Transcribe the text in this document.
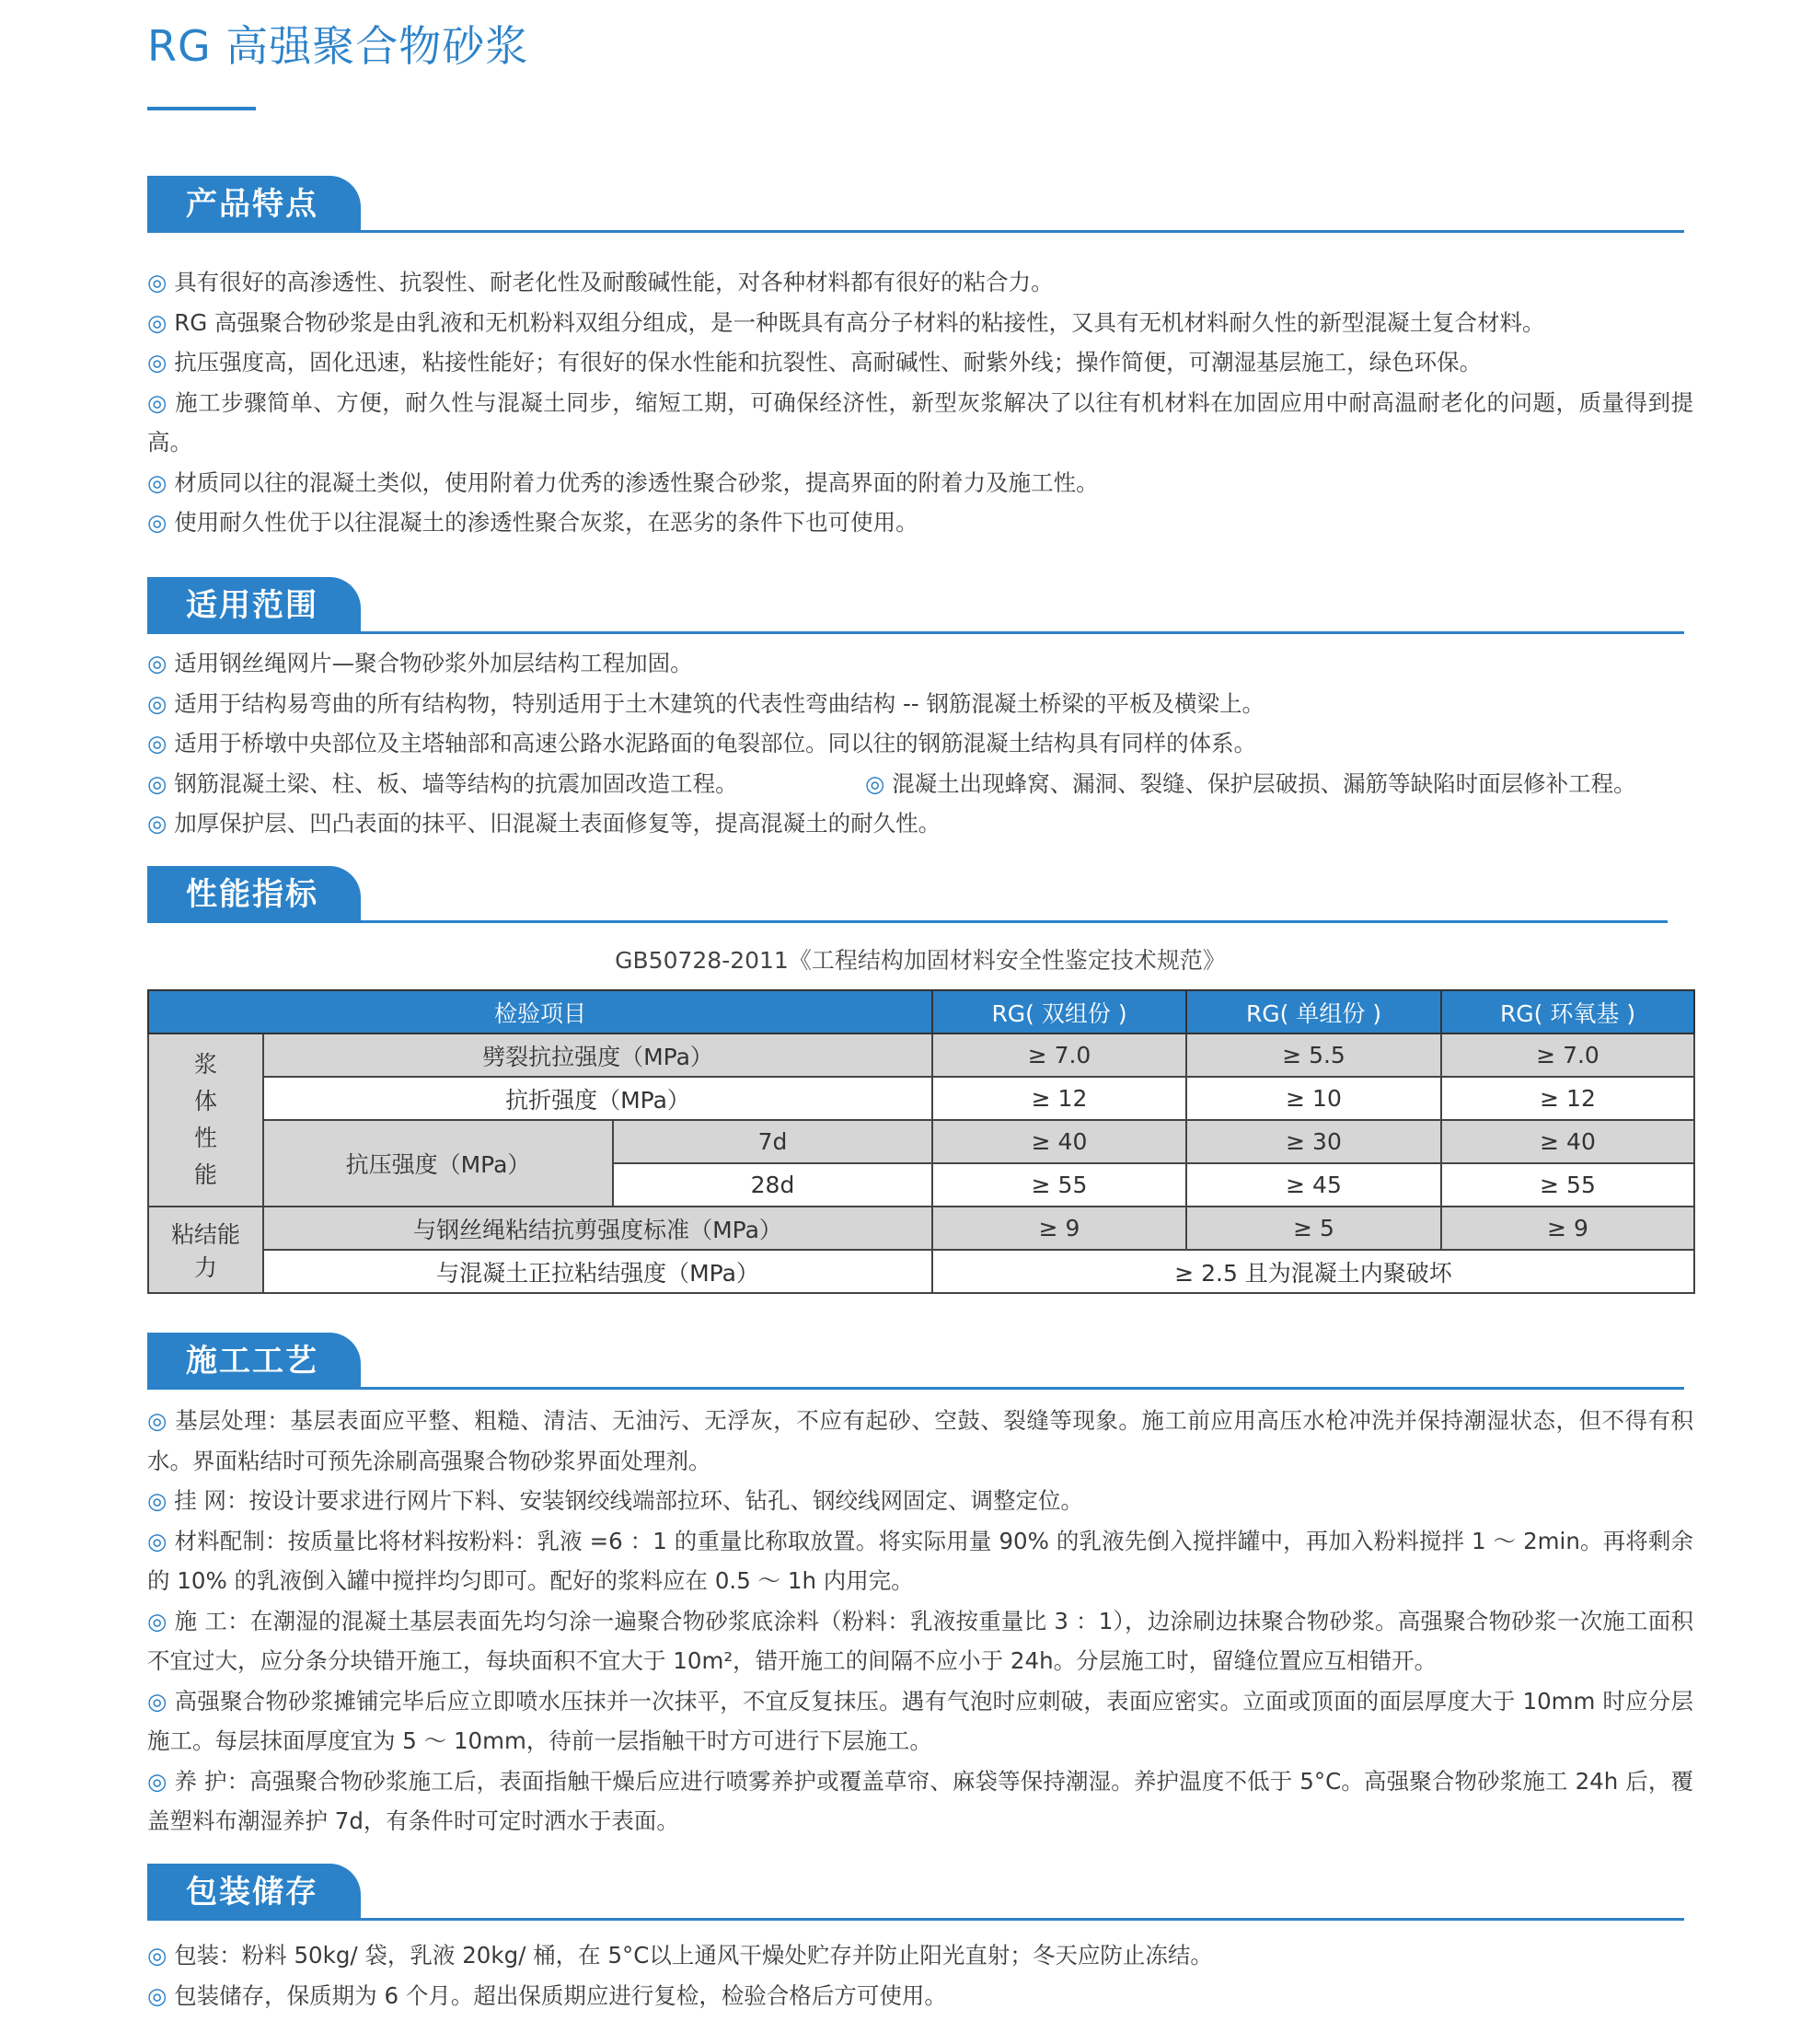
RG 高强聚合物砂浆
产品特点

◎ 具有很好的高渗透性、抗裂性、耐老化性及耐酸碱性能，对各种材料都有很好的粘合力。

◎ RG 高强聚合物砂浆是由乳液和无机粉料双组分组成，是一种既具有高分子材料的粘接性，又具有无机材料耐久性的新型混凝土复合材料。

◎ 抗压强度高，固化迅速，粘接性能好；有很好的保水性能和抗裂性、高耐碱性、耐紫外线；操作简便，可潮湿基层施工，绿色环保。

◎ 施工步骤简单、方便，耐久性与混凝土同步，缩短工期，可确保经济性，新型灰浆解决了以往有机材料在加固应用中耐高温耐老化的问题，质量得到提高。

◎ 材质同以往的混凝土类似，使用附着力优秀的渗透性聚合砂浆，提高界面的附着力及施工性。

◎ 使用耐久性优于以往混凝土的渗透性聚合灰浆，在恶劣的条件下也可使用。

适用范围

◎ 适用钢丝绳网片—聚合物砂浆外加层结构工程加固。

◎ 适用于结构易弯曲的所有结构物，特别适用于土木建筑的代表性弯曲结构 -- 钢筋混凝土桥梁的平板及横梁上。

◎ 适用于桥墩中央部位及主塔轴部和高速公路水泥路面的龟裂部位。同以往的钢筋混凝土结构具有同样的体系。

◎ 钢筋混凝土梁、柱、板、墙等结构的抗震加固改造工程。	◎ 混凝土出现蜂窝、漏洞、裂缝、保护层破损、漏筋等缺陷时面层修补工程。

◎ 加厚保护层、凹凸表面的抹平、旧混凝土表面修复等，提高混凝土的耐久性。

性能指标
GB50728-2011《工程结构加固材料安全性鉴定技术规范》
检验项目			RG( 双组份 )	RG( 单组份 )	RG( 环氧基 )
浆
体
性
能	劈裂抗拉强度（MPa）		≥ 7.0	≥ 5.5	≥ 7.0
	抗折强度（MPa）		≥ 12	≥ 10	≥ 12
	抗压强度（MPa）	7d	≥ 40	≥ 30	≥ 40
		28d	≥ 55	≥ 45	≥ 55
粘结能
力	与钢丝绳粘结抗剪强度标准（MPa）		≥ 9	≥ 5	≥ 9
	与混凝土正拉粘结强度（MPa）		≥ 2.5 且为混凝土内聚破坏		
施工工艺

◎ 基层处理：基层表面应平整、粗糙、清洁、无油污、无浮灰，不应有起砂、空鼓、裂缝等现象。施工前应用高压水枪冲洗并保持潮湿状态，但不得有积水。界面粘结时可预先涂刷高强聚合物砂浆界面处理剂。

◎ 挂 网：按设计要求进行网片下料、安装钢绞线端部拉环、钻孔、钢绞线网固定、调整定位。

◎ 材料配制：按质量比将材料按粉料：乳液 =6 ：1 的重量比称取放置。将实际用量 90% 的乳液先倒入搅拌罐中，再加入粉料搅拌 1 ～ 2min。再将剩余的 10% 的乳液倒入罐中搅拌均匀即可。配好的浆料应在 0.5 ～ 1h 内用完。

◎ 施 工：在潮湿的混凝土基层表面先均匀涂一遍聚合物砂浆底涂料（粉料：乳液按重量比 3 ：1），边涂刷边抹聚合物砂浆。高强聚合物砂浆一次施工面积不宜过大，应分条分块错开施工，每块面积不宜大于 10m²，错开施工的间隔不应小于 24h。分层施工时，留缝位置应互相错开。

◎ 高强聚合物砂浆摊铺完毕后应立即喷水压抹并一次抹平，不宜反复抹压。遇有气泡时应刺破，表面应密实。立面或顶面的面层厚度大于 10mm 时应分层施工。每层抹面厚度宜为 5 ～ 10mm，待前一层指触干时方可进行下层施工。

◎ 养 护：高强聚合物砂浆施工后，表面指触干燥后应进行喷雾养护或覆盖草帘、麻袋等保持潮湿。养护温度不低于 5°C。高强聚合物砂浆施工 24h 后，覆盖塑料布潮湿养护 7d，有条件时可定时洒水于表面。

包装储存

◎ 包装：粉料 50kg/ 袋，乳液 20kg/ 桶，在 5°C以上通风干燥处贮存并防止阳光直射；冬天应防止冻结。

◎ 包装储存，保质期为 6 个月。超出保质期应进行复检，检验合格后方可使用。
